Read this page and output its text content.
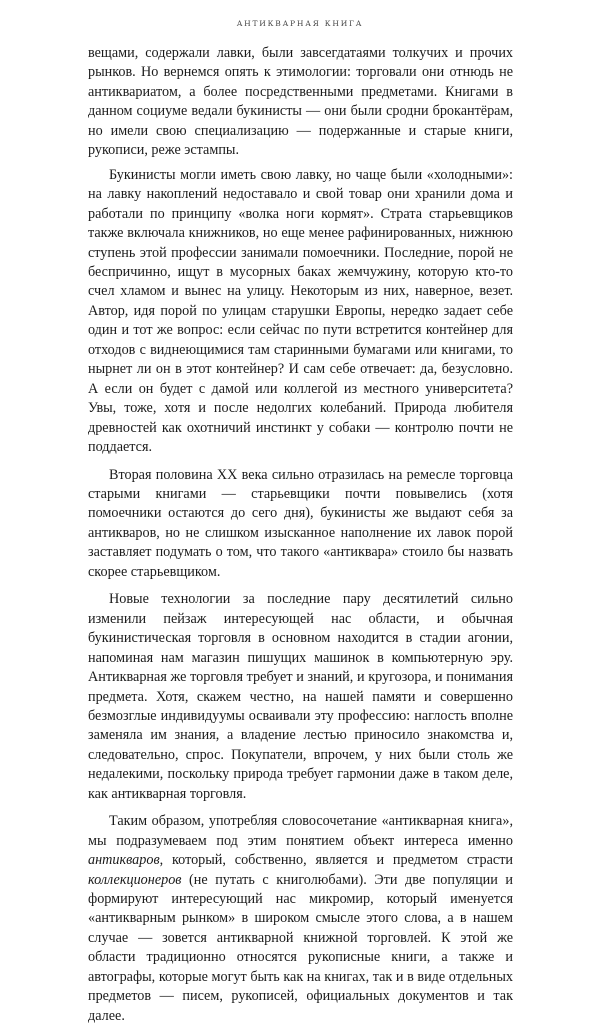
АНТИКВАРНАЯ КНИГА

вещами, содержали лавки, были завсегдатаями толкучих и прочих рынков. Но вернемся опять к этимологии: торговали они отнюдь не антиквариатом, а более посредственными предметами. Книгами в данном социуме ведали букинисты — они были сродни брокантёрам, но имели свою специализацию — подержанные и старые книги, рукописи, реже эстампы.

Букинисты могли иметь свою лавку, но чаще были «холодными»: на лавку накоплений недоставало и свой товар они хранили дома и работали по принципу «волка ноги кормят». Страта старьевщиков также включала книжников, но еще менее рафинированных, нижнюю ступень этой профессии занимали помоечники. Последние, порой не беспричинно, ищут в мусорных баках жемчужину, которую кто-то счел хламом и вынес на улицу. Некоторым из них, наверное, везет. Автор, идя порой по улицам старушки Европы, нередко задает себе один и тот же вопрос: если сейчас по пути встретится контейнер для отходов с виднеющимися там старинными бумагами или книгами, то нырнет ли он в этот контейнер? И сам себе отвечает: да, безусловно. А если он будет с дамой или коллегой из местного университета? Увы, тоже, хотя и после недолгих колебаний. Природа любителя древностей как охотничий инстинкт у собаки — контролю почти не поддается.

Вторая половина XX века сильно отразилась на ремесле торговца старыми книгами — старьевщики почти повывелись (хотя помоечники остаются до сего дня), букинисты же выдают себя за антикваров, но не слишком изысканное наполнение их лавок порой заставляет подумать о том, что такого «антиквара» стоило бы назвать скорее старьевщиком.

Новые технологии за последние пару десятилетий сильно изменили пейзаж интересующей нас области, и обычная букинистическая торговля в основном находится в стадии агонии, напоминая нам магазин пишущих машинок в компьютерную эру. Антикварная же торговля требует и знаний, и кругозора, и понимания предмета. Хотя, скажем честно, на нашей памяти и совершенно безмозглые индивидуумы осваивали эту профессию: наглость вполне заменяла им знания, а владение лестью приносило знакомства и, следовательно, спрос. Покупатели, впрочем, у них были столь же недалекими, поскольку природа требует гармонии даже в таком деле, как антикварная торговля.

Таким образом, употребляя словосочетание «антикварная книга», мы подразумеваем под этим понятием объект интереса именно антикваров, который, собственно, является и предметом страсти коллекционеров (не путать с книголюбами). Эти две популяции и формируют интересующий нас микромир, который именуется «антикварным рынком» в широком смысле этого слова, а в нашем случае — зовется антикварной книжной торговлей. К этой же области традиционно относятся рукописные книги, а также и автографы, которые могут быть как на книгах, так и в виде отдельных предметов — писем, рукописей, официальных документов и так далее.
